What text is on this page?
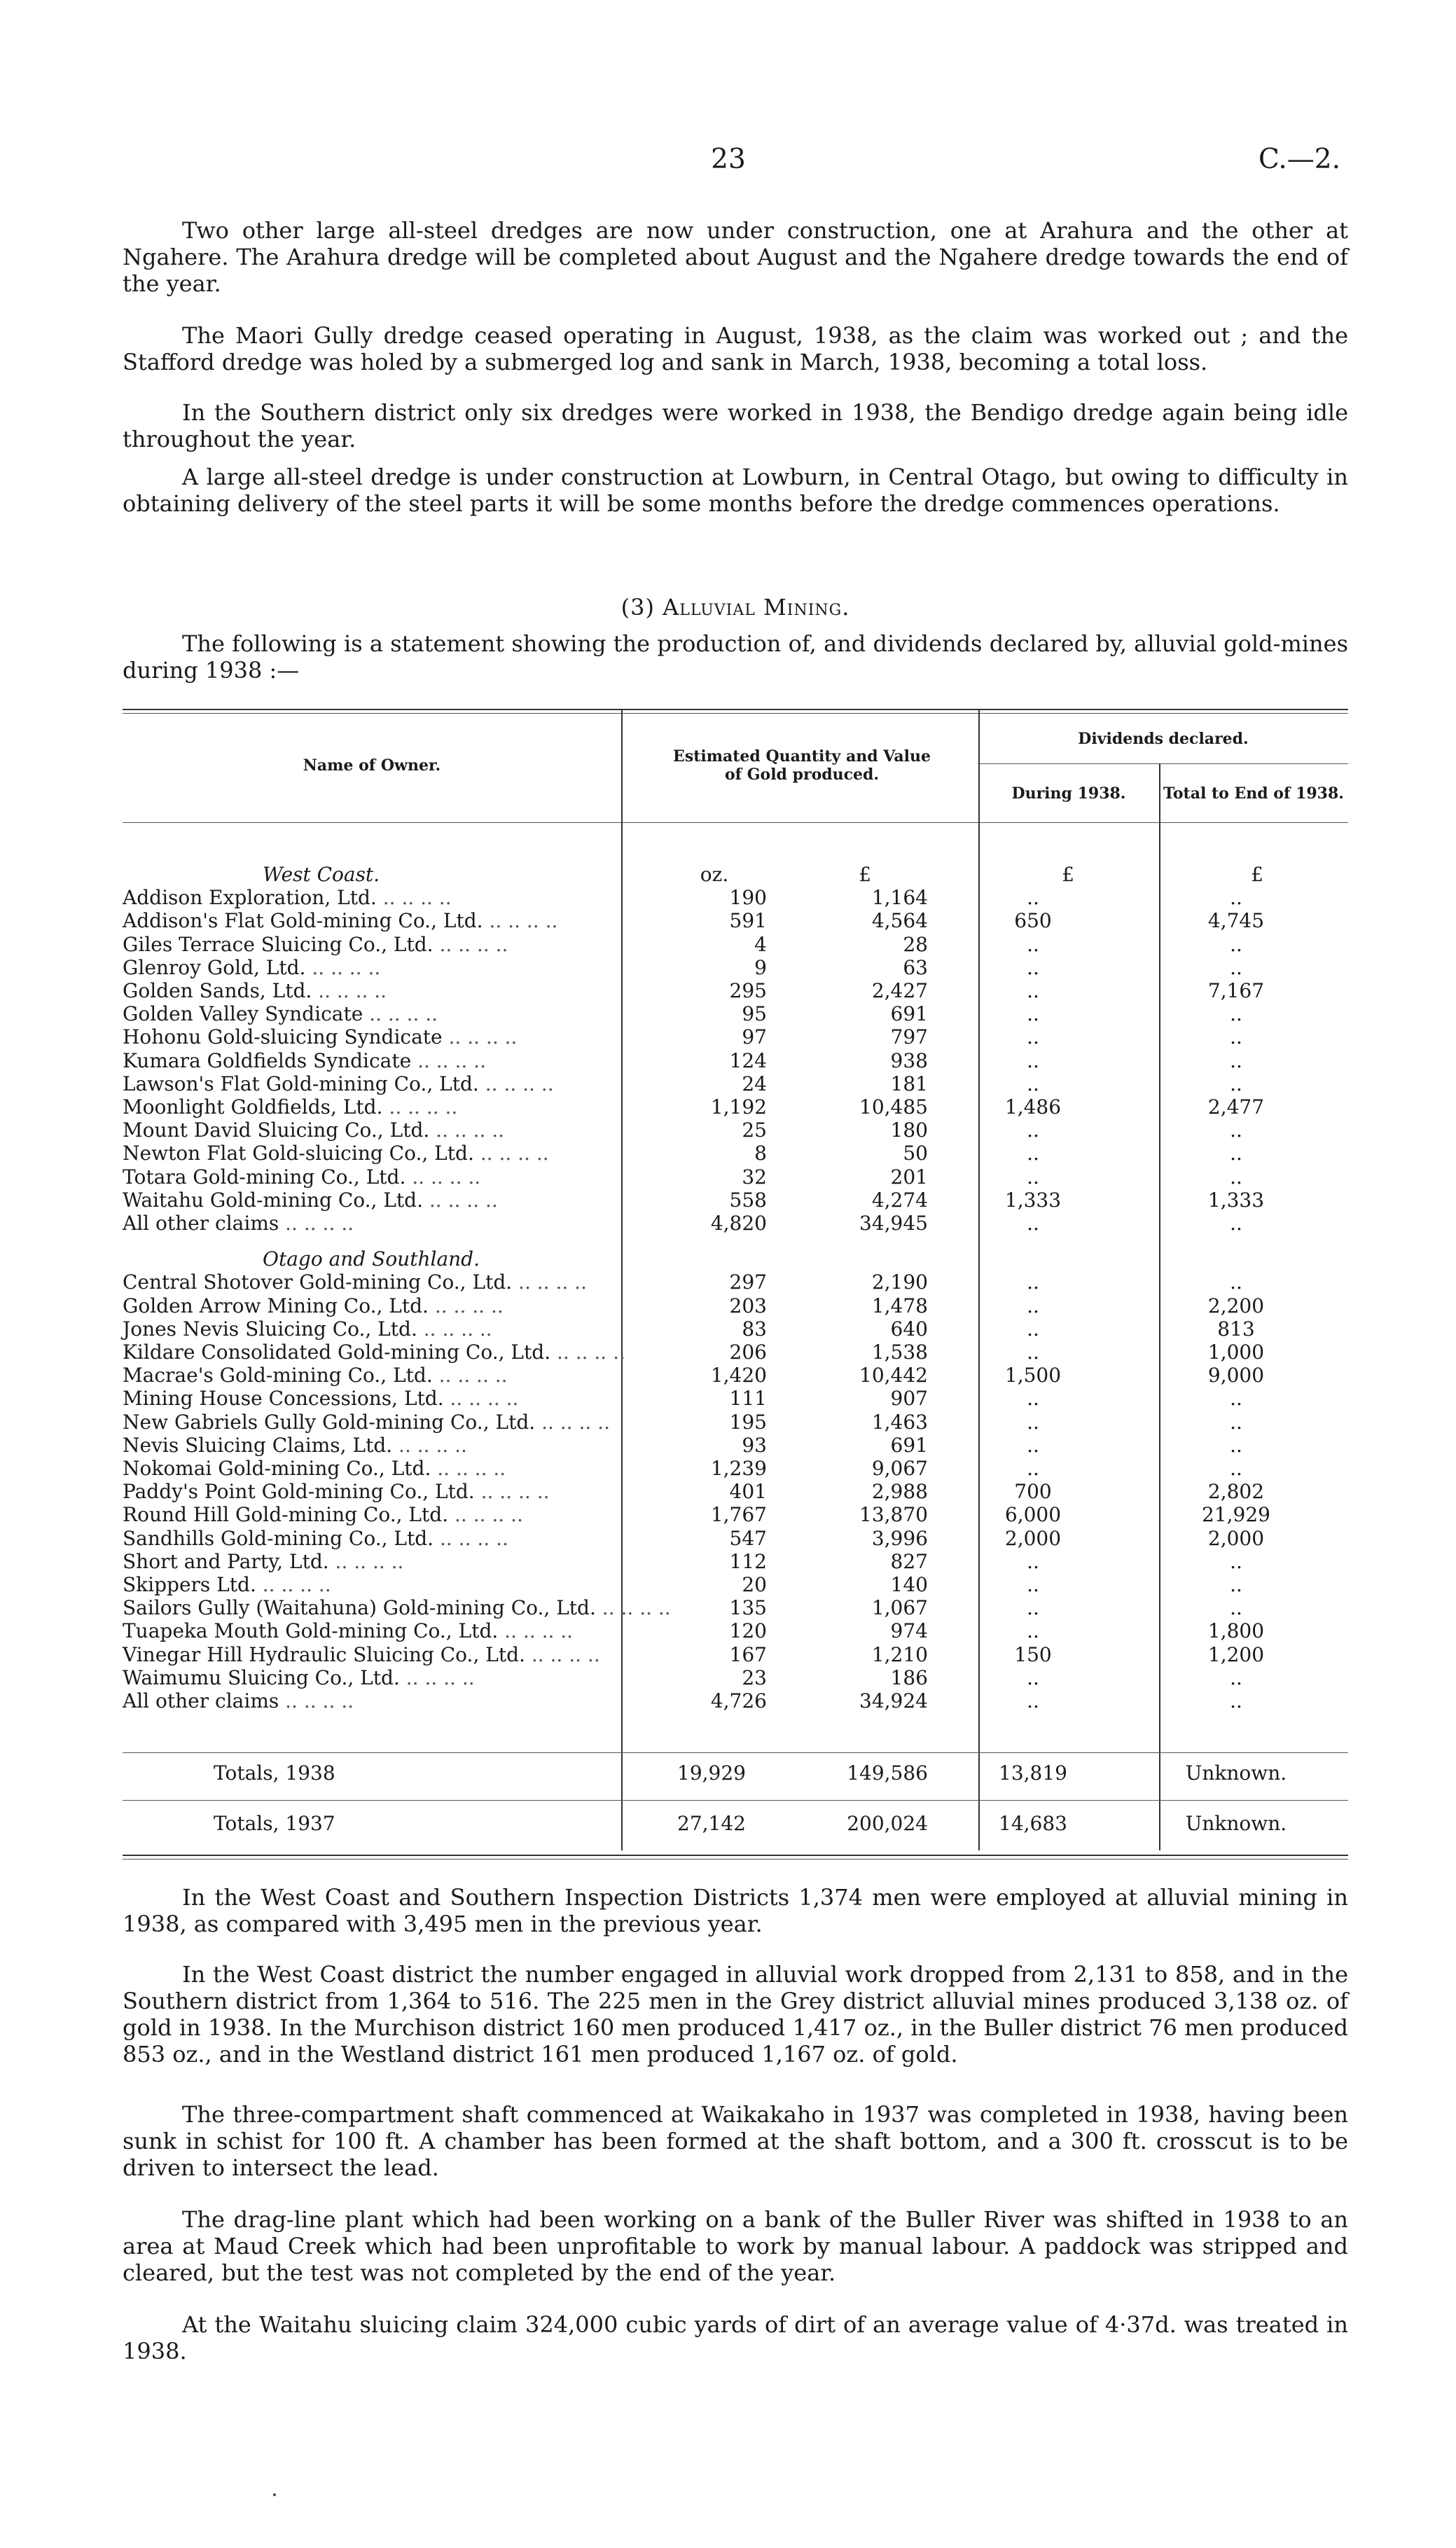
23	C.—2.

Two other large all-steel dredges are now under construction, one at Arahura and the other at Ngahere. The Arahura dredge will be completed about August and the Ngahere dredge towards the end of the year.

The Maori Gully dredge ceased operating in August, 1938, as the claim was worked out ; and the Stafford dredge was holed by a submerged log and sank in March, 1938, becoming a total loss.

In the Southern district only six dredges were worked in 1938, the Bendigo dredge again being idle throughout the year.

A large all-steel dredge is under construction at Lowburn, in Central Otago, but owing to difficulty in obtaining delivery of the steel parts it will be some months before the dredge commences operations.

(3) Alluvial Mining.

The following is a statement showing the production of, and dividends declared by, alluvial gold-mines during 1938 :—

Name of Owner.	Estimated Quantity and Value of Gold produced.
Dividends declared.
During 1938.	Total to End of 1938.
oz.	£	£	£
West Coast.
Addison Exploration, Ltd. .. .. .. ..	190	1,164	..	..
Addison's Flat Gold-mining Co., Ltd. .. .. .. ..	591	4,564	650	4,745
Giles Terrace Sluicing Co., Ltd. .. .. .. ..	4	28	..	..
Glenroy Gold, Ltd. .. .. .. ..	9	63	..	..
Golden Sands, Ltd. .. .. .. ..	295	2,427	..	7,167
Golden Valley Syndicate .. .. .. ..	95	691	..	..
Hohonu Gold-sluicing Syndicate .. .. .. ..	97	797	..	..
Kumara Goldfields Syndicate .. .. .. ..	124	938	..	..
Lawson's Flat Gold-mining Co., Ltd. .. .. .. ..	24	181	..	..
Moonlight Goldfields, Ltd. .. .. .. ..	1,192	10,485	1,486	2,477
Mount David Sluicing Co., Ltd. .. .. .. ..	25	180	..	..
Newton Flat Gold-sluicing Co., Ltd. .. .. .. ..	8	50	..	..
Totara Gold-mining Co., Ltd. .. .. .. ..	32	201	..	..
Waitahu Gold-mining Co., Ltd. .. .. .. ..	558	4,274	1,333	1,333
All other claims .. .. .. ..	4,820	34,945	..	..
Otago and Southland.
Central Shotover Gold-mining Co., Ltd. .. .. .. ..	297	2,190	..	..
Golden Arrow Mining Co., Ltd. .. .. .. ..	203	1,478	..	2,200
Jones Nevis Sluicing Co., Ltd. .. .. .. ..	83	640	..	813
Kildare Consolidated Gold-mining Co., Ltd. .. .. .. ..	206	1,538	..	1,000
Macrae's Gold-mining Co., Ltd. .. .. .. ..	1,420	10,442	1,500	9,000
Mining House Concessions, Ltd. .. .. .. ..	111	907	..	..
New Gabriels Gully Gold-mining Co., Ltd. .. .. .. ..	195	1,463	..	..
Nevis Sluicing Claims, Ltd. .. .. .. ..	93	691	..	..
Nokomai Gold-mining Co., Ltd. .. .. .. ..	1,239	9,067	..	..
Paddy's Point Gold-mining Co., Ltd. .. .. .. ..	401	2,988	700	2,802
Round Hill Gold-mining Co., Ltd. .. .. .. ..	1,767	13,870	6,000	21,929
Sandhills Gold-mining Co., Ltd. .. .. .. ..	547	3,996	2,000	2,000
Short and Party, Ltd. .. .. .. ..	112	827	..	..
Skippers Ltd. .. .. .. ..	20	140	..	..
Sailors Gully (Waitahuna) Gold-mining Co., Ltd. .. .. .. ..	135	1,067	..	..
Tuapeka Mouth Gold-mining Co., Ltd. .. .. .. ..	120	974	..	1,800
Vinegar Hill Hydraulic Sluicing Co., Ltd. .. .. .. ..	167	1,210	150	1,200
Waimumu Sluicing Co., Ltd. .. .. .. ..	23	186	..	..
All other claims .. .. .. ..	4,726	34,924	..	..
Totals, 1938	19,929	149,586	13,819	Unknown.
Totals, 1937	27,142	200,024	14,683	Unknown.

In the West Coast and Southern Inspection Districts 1,374 men were employed at alluvial mining in 1938, as compared with 3,495 men in the previous year.

In the West Coast district the number engaged in alluvial work dropped from 2,131 to 858, and in the Southern district from 1,364 to 516. The 225 men in the Grey district alluvial mines produced 3,138 oz. of gold in 1938. In the Murchison district 160 men produced 1,417 oz., in the Buller district 76 men produced 853 oz., and in the Westland district 161 men produced 1,167 oz. of gold.

The three-compartment shaft commenced at Waikakaho in 1937 was completed in 1938, having been sunk in schist for 100 ft. A chamber has been formed at the shaft bottom, and a 300 ft. crosscut is to be driven to intersect the lead.

The drag-line plant which had been working on a bank of the Buller River was shifted in 1938 to an area at Maud Creek which had been unprofitable to work by manual labour. A paddock was stripped and cleared, but the test was not completed by the end of the year.

At the Waitahu sluicing claim 324,000 cubic yards of dirt of an average value of 4·37d. was treated in 1938.
